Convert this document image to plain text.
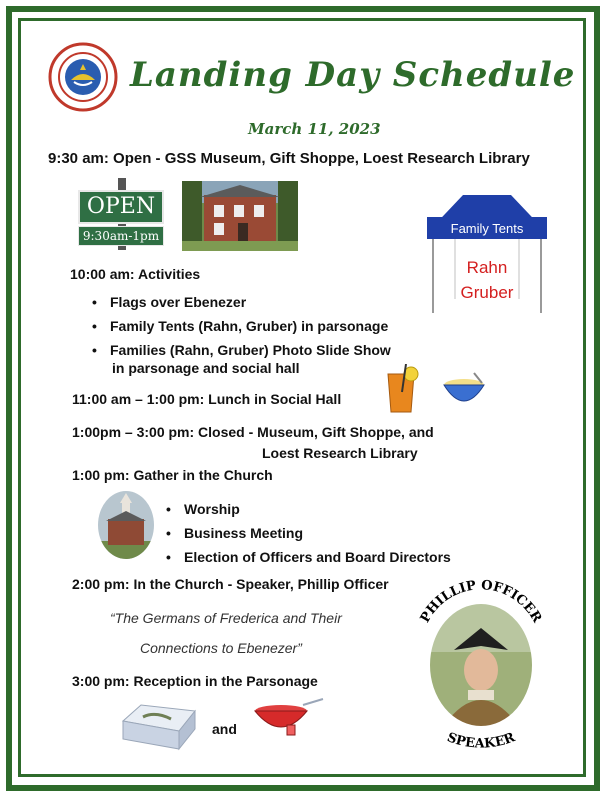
Landing Day Schedule
March 11, 2023
9:30 am: Open - GSS Museum, Gift Shoppe, Loest Research Library
OPEN
9:30am-1pm	Family Tents
Rahn
Gruber
10:00 am: Activities
• Flags over Ebenezer
• Family Tents (Rahn, Gruber) in parsonage
• Families (Rahn, Gruber) Photo Slide Show
in parsonage and social hall
11:00 am – 1:00 pm: Lunch in Social Hall
1:00pm – 3:00 pm: Closed - Museum, Gift Shoppe, and
Loest Research Library
1:00 pm: Gather in the Church
• Worship
• Business Meeting
• Election of Officers and Board Directors
2:00 pm: In the Church - Speaker, Phillip Officer
“The Germans of Frederica and Their
Connections to Ebenezer”
3:00 pm: Reception in the Parsonage
and
PHILLIP OFFICER
SPEAKER
